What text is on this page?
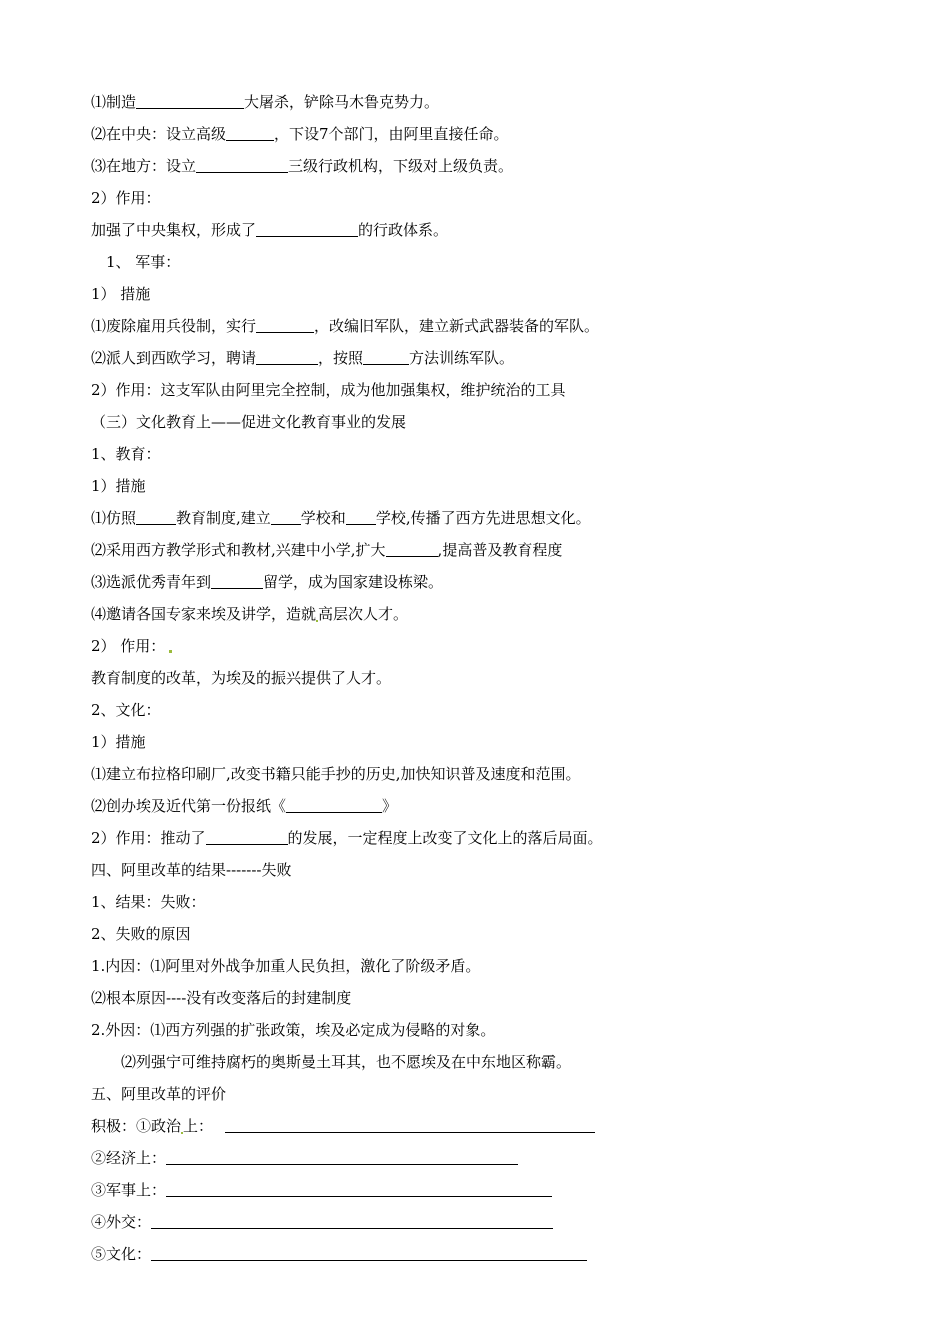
⑴制造	大屠杀，铲除马木鲁克势力。
⑵在中央：设立高级	，下设7个部门，由阿里直接任命。
⑶在地方：设立	三级行政机构，下级对上级负责。
2）作用：
加强了中央集权，形成了	的行政体系。
1、 军事：
1） 措施
⑴废除雇用兵役制，实行	，改编旧军队，建立新式武器装备的军队。
⑵派人到西欧学习，聘请	，按照	方法训练军队。
2）作用：这支军队由阿里完全控制，成为他加强集权，维护统治的工具
（三）文化教育上——促进文化教育事业的发展
1、教育：
1）措施
⑴仿照	教育制度,建立 学校和 学校,传播了西方先进思想文化。
⑵采用西方教学形式和教材,兴建中小学,扩大	,提高普及教育程度
⑶选派优秀青年到	留学，成为国家建设栋梁。
⑷邀请各国专家来埃及讲学，造就 高层次人才。
2） 作用：
教育制度的改革，为埃及的振兴提供了人才。
2、文化：
1）措施
⑴建立布拉格印刷厂,改变书籍只能手抄的历史,加快知识普及速度和范围。
⑵创办埃及近代第一份报纸《	》
2）作用：推动了	的发展，一定程度上改变了文化上的落后局面。
四、阿里改革的结果-------失败
1、结果：失败：
2、失败的原因
1.内因：⑴阿里对外战争加重人民负担，激化了阶级矛盾。
⑵根本原因----没有改变落后的封建制度
2.外因：⑴西方列强的扩张政策，埃及必定成为侵略的对象。
⑵列强宁可维持腐朽的奥斯曼土耳其，也不愿埃及在中东地区称霸。
五、阿里改革的评价
积极：①政治 上：
②经济上：
③军事上：
④外交：
⑤文化：
